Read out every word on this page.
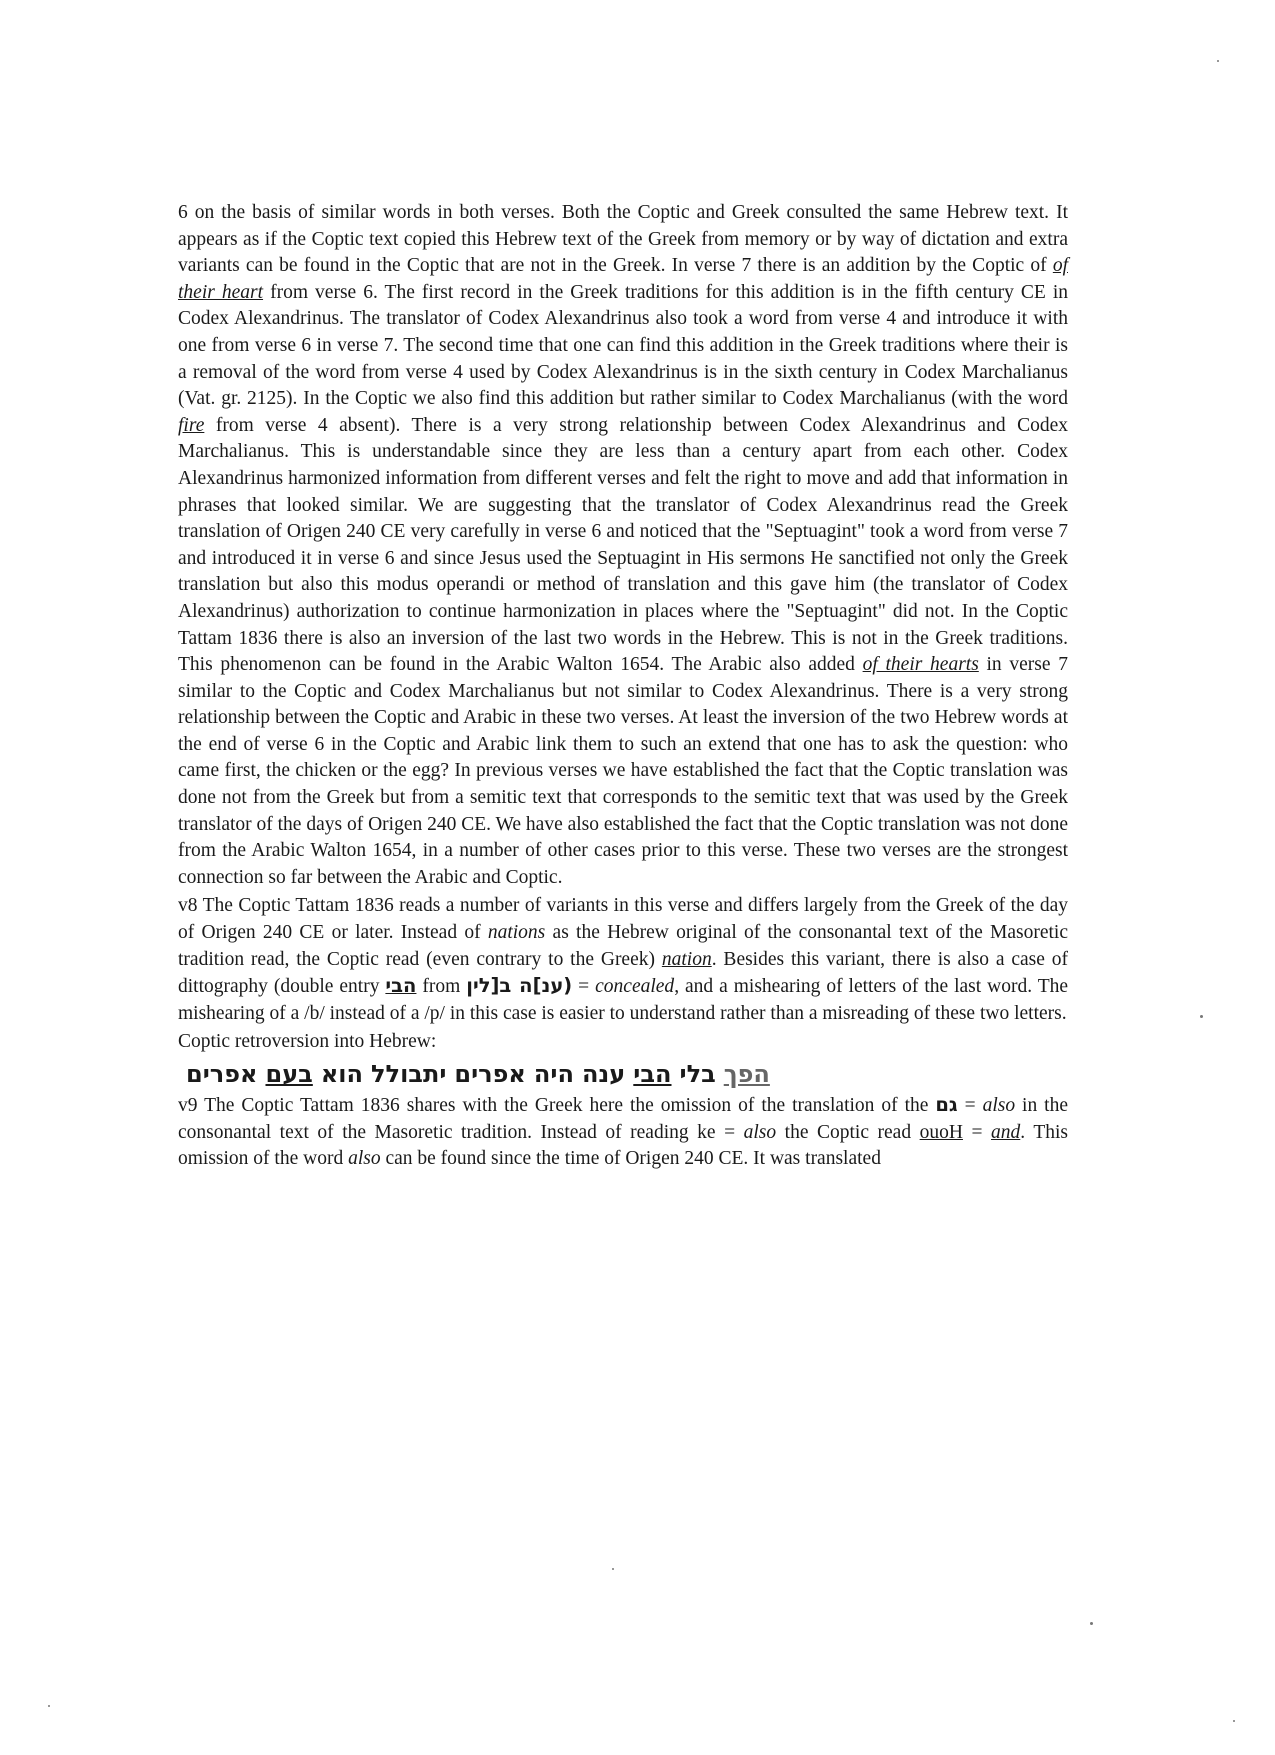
6 on the basis of similar words in both verses. Both the Coptic and Greek consulted the same Hebrew text. It appears as if the Coptic text copied this Hebrew text of the Greek from memory or by way of dictation and extra variants can be found in the Coptic that are not in the Greek. In verse 7 there is an addition by the Coptic of of their heart from verse 6. The first record in the Greek traditions for this addition is in the fifth century CE in Codex Alexandrinus. The translator of Codex Alexandrinus also took a word from verse 4 and introduce it with one from verse 6 in verse 7. The second time that one can find this addition in the Greek traditions where their is a removal of the word from verse 4 used by Codex Alexandrinus is in the sixth century in Codex Marchalianus (Vat. gr. 2125). In the Coptic we also find this addition but rather similar to Codex Marchalianus (with the word fire from verse 4 absent). There is a very strong relationship between Codex Alexandrinus and Codex Marchalianus. This is understandable since they are less than a century apart from each other. Codex Alexandrinus harmonized information from different verses and felt the right to move and add that information in phrases that looked similar. We are suggesting that the translator of Codex Alexandrinus read the Greek translation of Origen 240 CE very carefully in verse 6 and noticed that the "Septuagint" took a word from verse 7 and introduced it in verse 6 and since Jesus used the Septuagint in His sermons He sanctified not only the Greek translation but also this modus operandi or method of translation and this gave him (the translator of Codex Alexandrinus) authorization to continue harmonization in places where the "Septuagint" did not. In the Coptic Tattam 1836 there is also an inversion of the last two words in the Hebrew. This is not in the Greek traditions. This phenomenon can be found in the Arabic Walton 1654. The Arabic also added of their hearts in verse 7 similar to the Coptic and Codex Marchalianus but not similar to Codex Alexandrinus. There is a very strong relationship between the Coptic and Arabic in these two verses. At least the inversion of the two Hebrew words at the end of verse 6 in the Coptic and Arabic link them to such an extend that one has to ask the question: who came first, the chicken or the egg? In previous verses we have established the fact that the Coptic translation was done not from the Greek but from a semitic text that corresponds to the semitic text that was used by the Greek translator of the days of Origen 240 CE. We have also established the fact that the Coptic translation was not done from the Arabic Walton 1654, in a number of other cases prior to this verse. These two verses are the strongest connection so far between the Arabic and Coptic.

v8 The Coptic Tattam 1836 reads a number of variants in this verse and differs largely from the Greek of the day of Origen 240 CE or later. Instead of nations as the Hebrew original of the consonantal text of the Masoretic tradition read, the Coptic read (even contrary to the Greek) nation. Besides this variant, there is also a case of dittography (double entry הבי from (ענ]ה ב[לין = concealed, and a mishearing of letters of the last word. The mishearing of a /b/ instead of a /p/ in this case is easier to understand rather than a misreading of these two letters.

Coptic retroversion into Hebrew:

אפרים בעם הוא יתבולל אפרים היה ענה הבי בלי הפך

v9 The Coptic Tattam 1836 shares with the Greek here the omission of the translation of the גם = also in the consonantal text of the Masoretic tradition. Instead of reading ke = also the Coptic read ouoH = and. This omission of the word also can be found since the time of Origen 240 CE. It was translated
